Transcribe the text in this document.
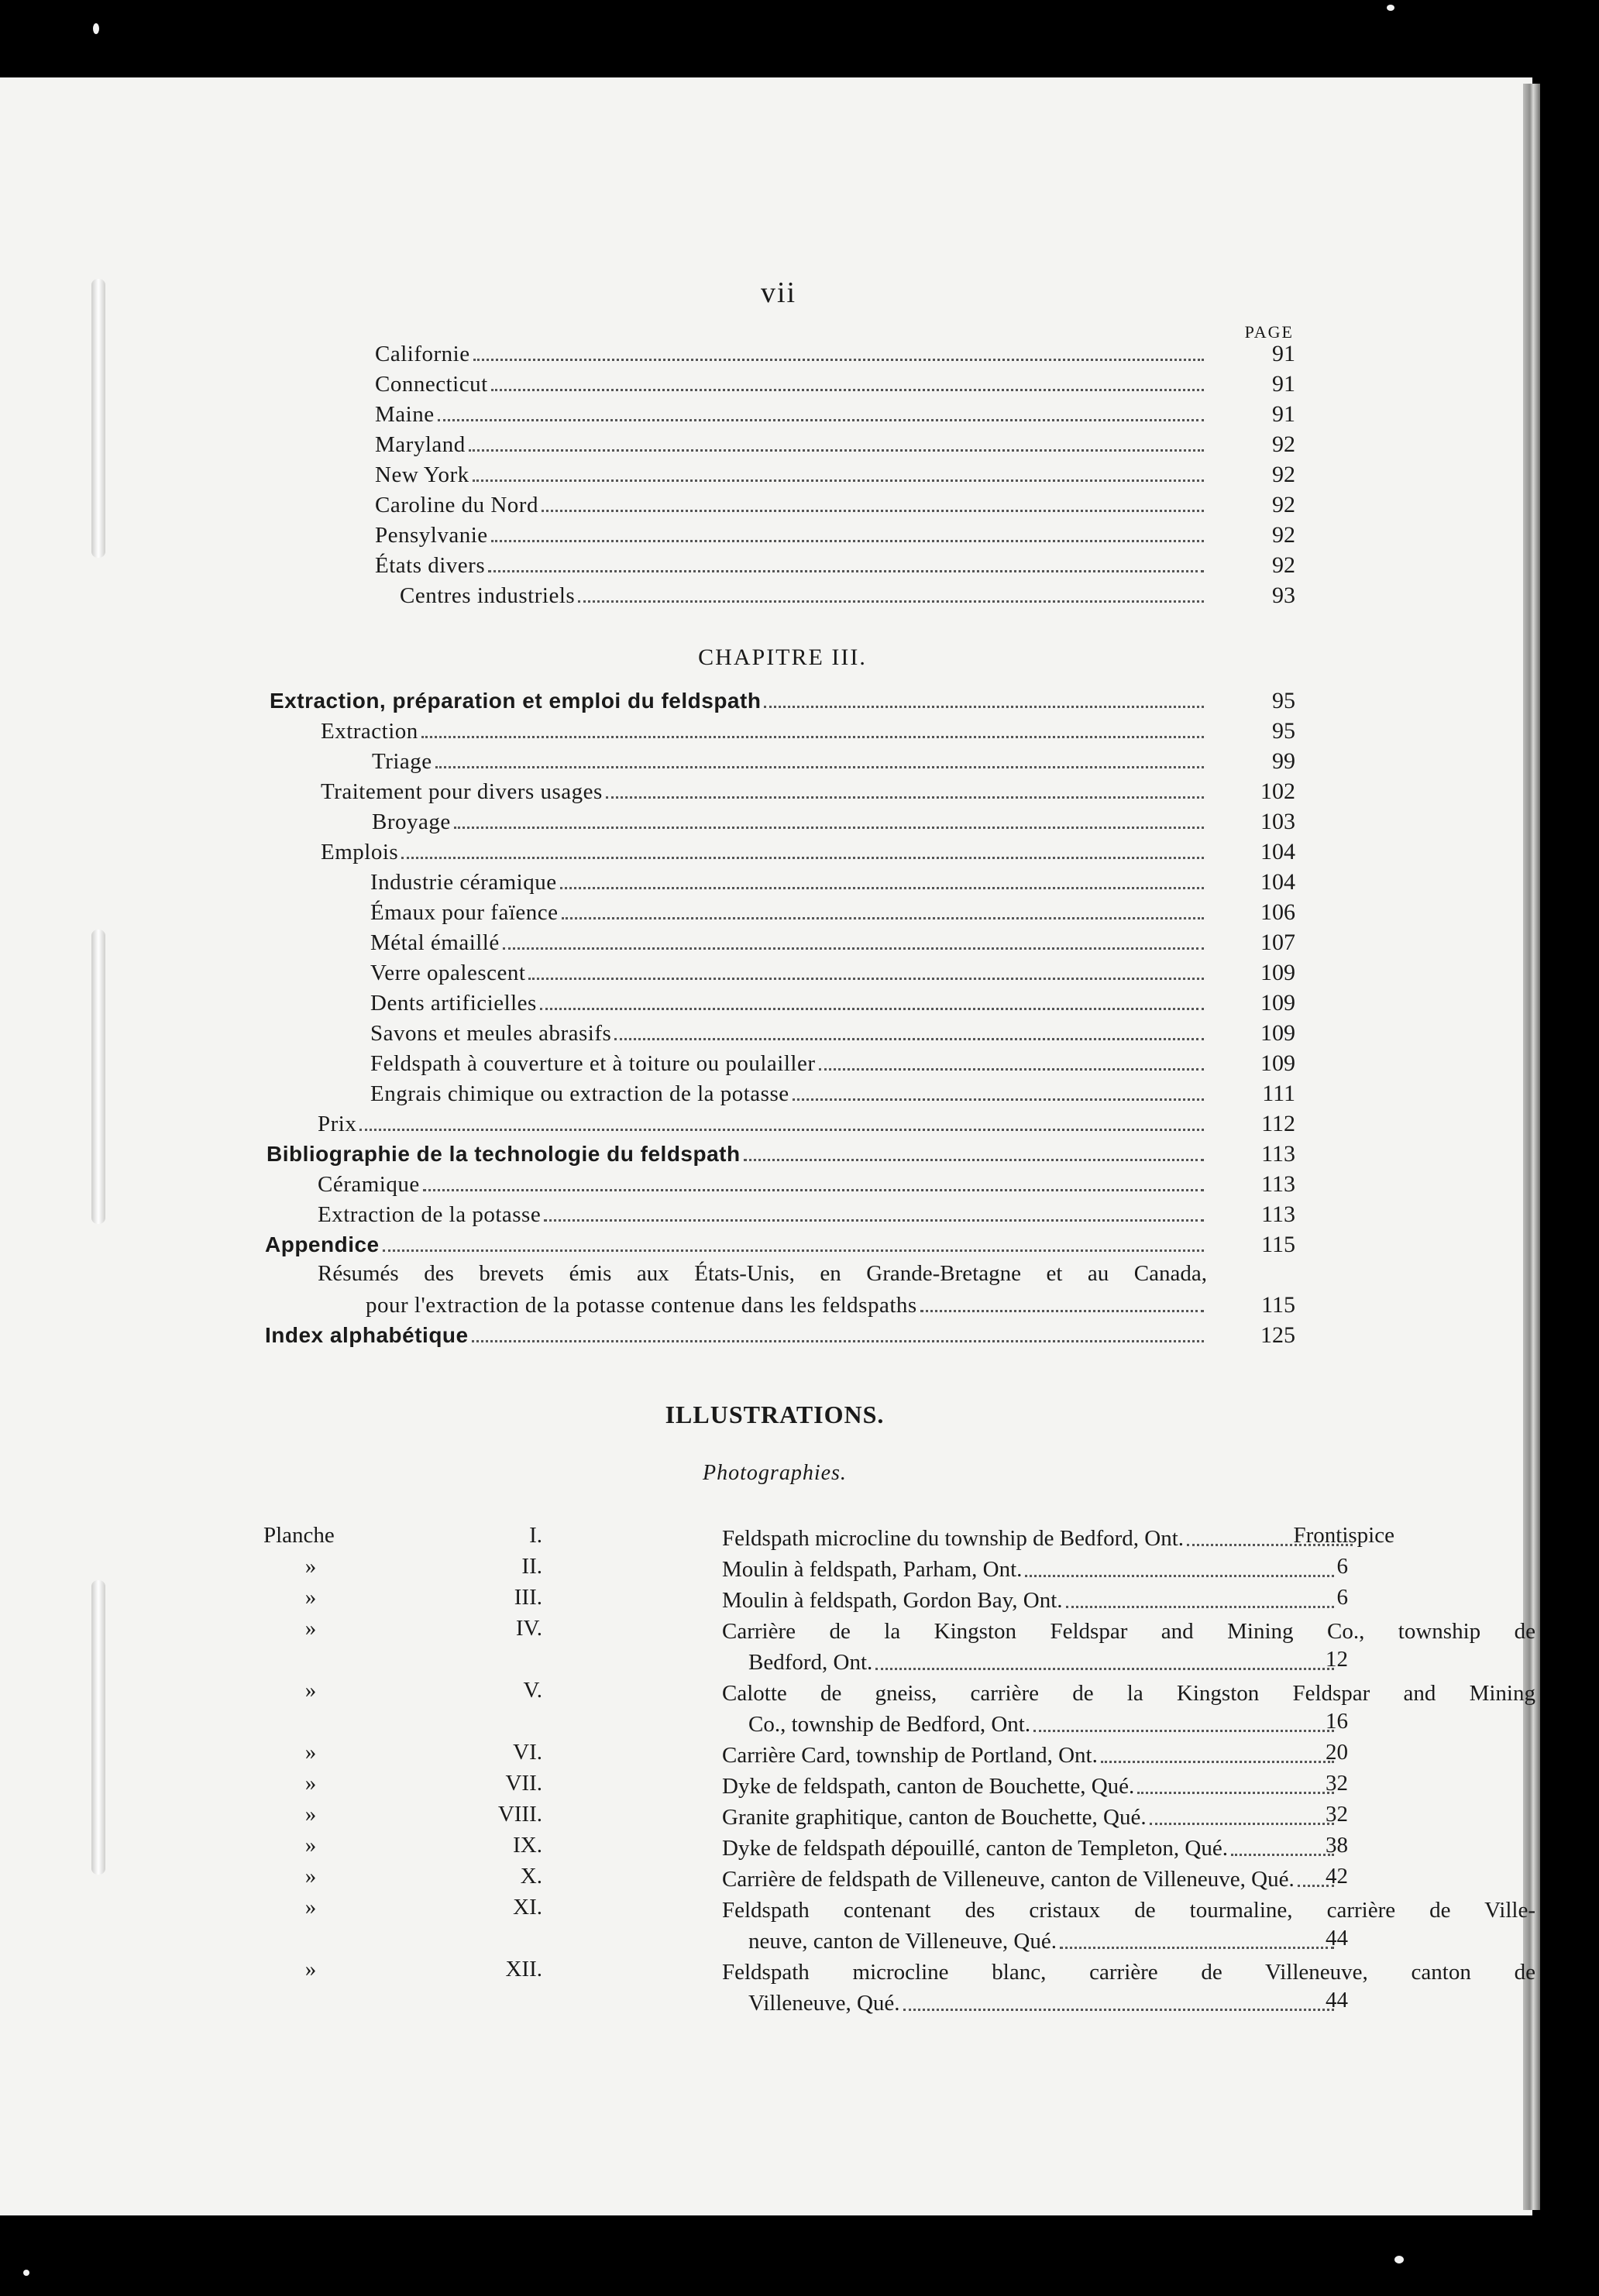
vii
PAGE
Californie	91
Connecticut	91
Maine	91
Maryland	92
New York	92
Caroline du Nord	92
Pensylvanie	92
États divers	92
Centres industriels	93
CHAPITRE III.
Extraction, préparation et emploi du feldspath	95
Extraction	95
Triage	99
Traitement pour divers usages	102
Broyage	103
Emplois	104
Industrie céramique	104
Émaux pour faïence	106
Métal émaillé	107
Verre opalescent	109
Dents artificielles	109
Savons et meules abrasifs	109
Feldspath à couverture et à toiture ou poulailler	109
Engrais chimique ou extraction de la potasse	111
Prix	112
Bibliographie de la technologie du feldspath	113
Céramique	113
Extraction de la potasse	113
Appendice	115
Résumés des brevets émis aux États-Unis, en Grande-Bretagne et au Canada,
pour l'extraction de la potasse contenue dans les feldspaths	115
Index alphabétique	125
ILLUSTRATIONS.
Photographies.
Planche	I.	Feldspath microcline du township de Bedford, Ont.	Frontispice
»	II.	Moulin à feldspath, Parham, Ont.	6
»	III.	Moulin à feldspath, Gordon Bay, Ont.	6
»	IV.	Carrière de la Kingston Feldspar and Mining Co., township de
Bedford, Ont.	12
»	V.	Calotte de gneiss, carrière de la Kingston Feldspar and Mining
Co., township de Bedford, Ont.	16
»	VI.	Carrière Card, township de Portland, Ont.	20
»	VII.	Dyke de feldspath, canton de Bouchette, Qué.	32
»	VIII.	Granite graphitique, canton de Bouchette, Qué.	32
»	IX.	Dyke de feldspath dépouillé, canton de Templeton, Qué.	38
»	X.	Carrière de feldspath de Villeneuve, canton de Villeneuve, Qué.	42
»	XI.	Feldspath contenant des cristaux de tourmaline, carrière de Ville-
neuve, canton de Villeneuve, Qué.	44
»	XII.	Feldspath microcline blanc, carrière de Villeneuve, canton de
Villeneuve, Qué.	44
